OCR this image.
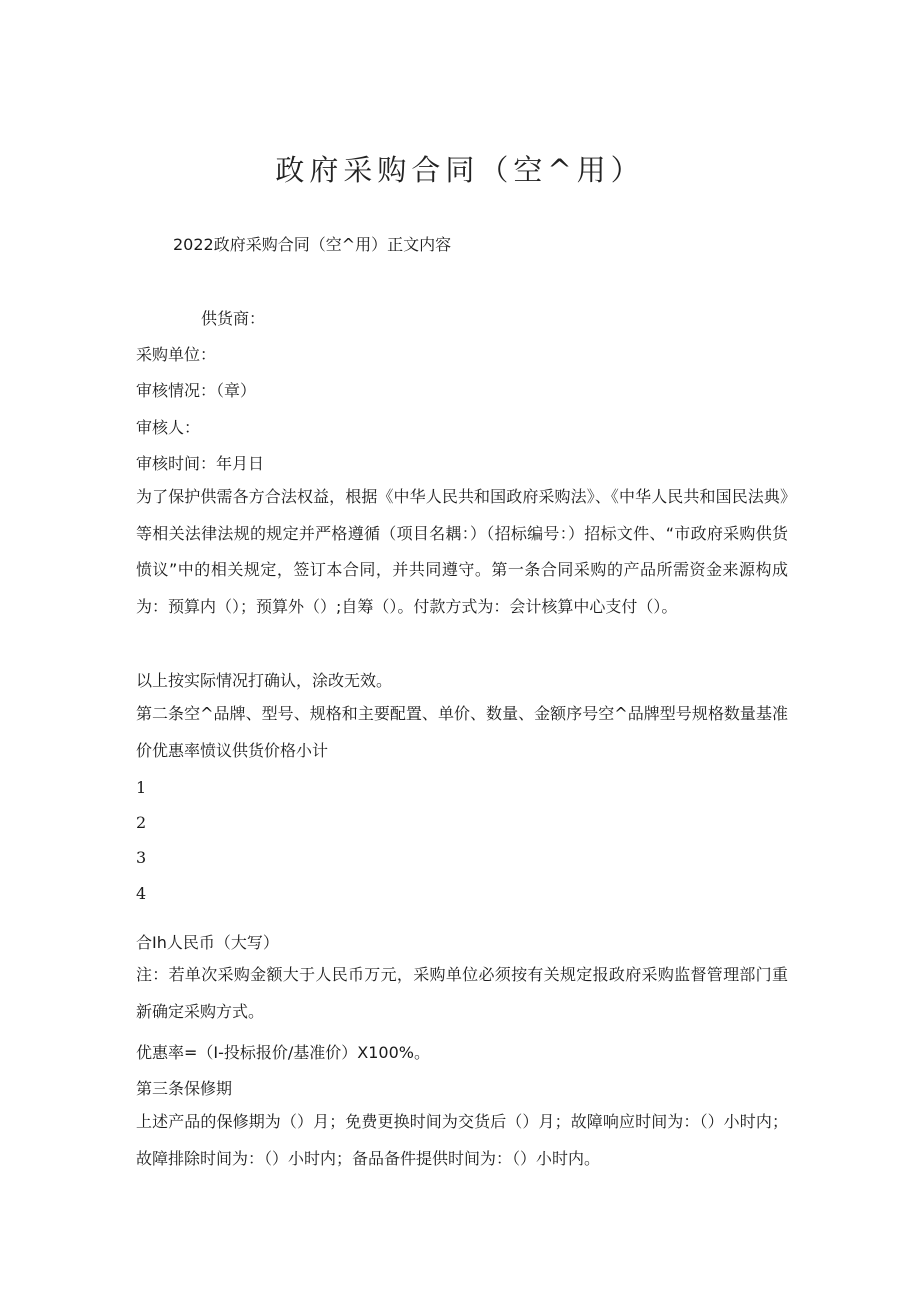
政府采购合同（空^用）
2022政府采购合同（空^用）正文内容
供货商：
采购单位：
审核情况：（章）
审核人：
审核时间：年月日
为了保护供需各方合法权益，根据《中华人民共和国政府采购法》、《中华人民共和国民法典》等相关法律法规的规定并严格遵循（项目名耦：）（招标编号：）招标文件、“市政府采购供货愤议”中的相关规定，签订本合同，并共同遵守。第一条合同采购的产品所需资金来源构成为：预算内（）；预算外（）;自筹（）。付款方式为：会计核算中心支付（）。
以上按实际情况打确认，涂改无效。
第二条空^品牌、型号、规格和主要配置、单价、数量、金额序号空^品牌型号规格数量基准价优惠率愤议供货价格小计
1
2
3
4
合Ih人民币（大写）
注：若单次采购金额大于人民币万元，采购单位必须按有关规定报政府采购监督管理部门重新确定采购方式。
优惠率=（I-投标报价/基准价）X100%。
第三条保修期
上述产品的保修期为（）月；免费更换时间为交货后（）月；故障响应时间为：（）小时内；故障排除时间为：（）小时内；备品备件提供时间为：（）小时内。
